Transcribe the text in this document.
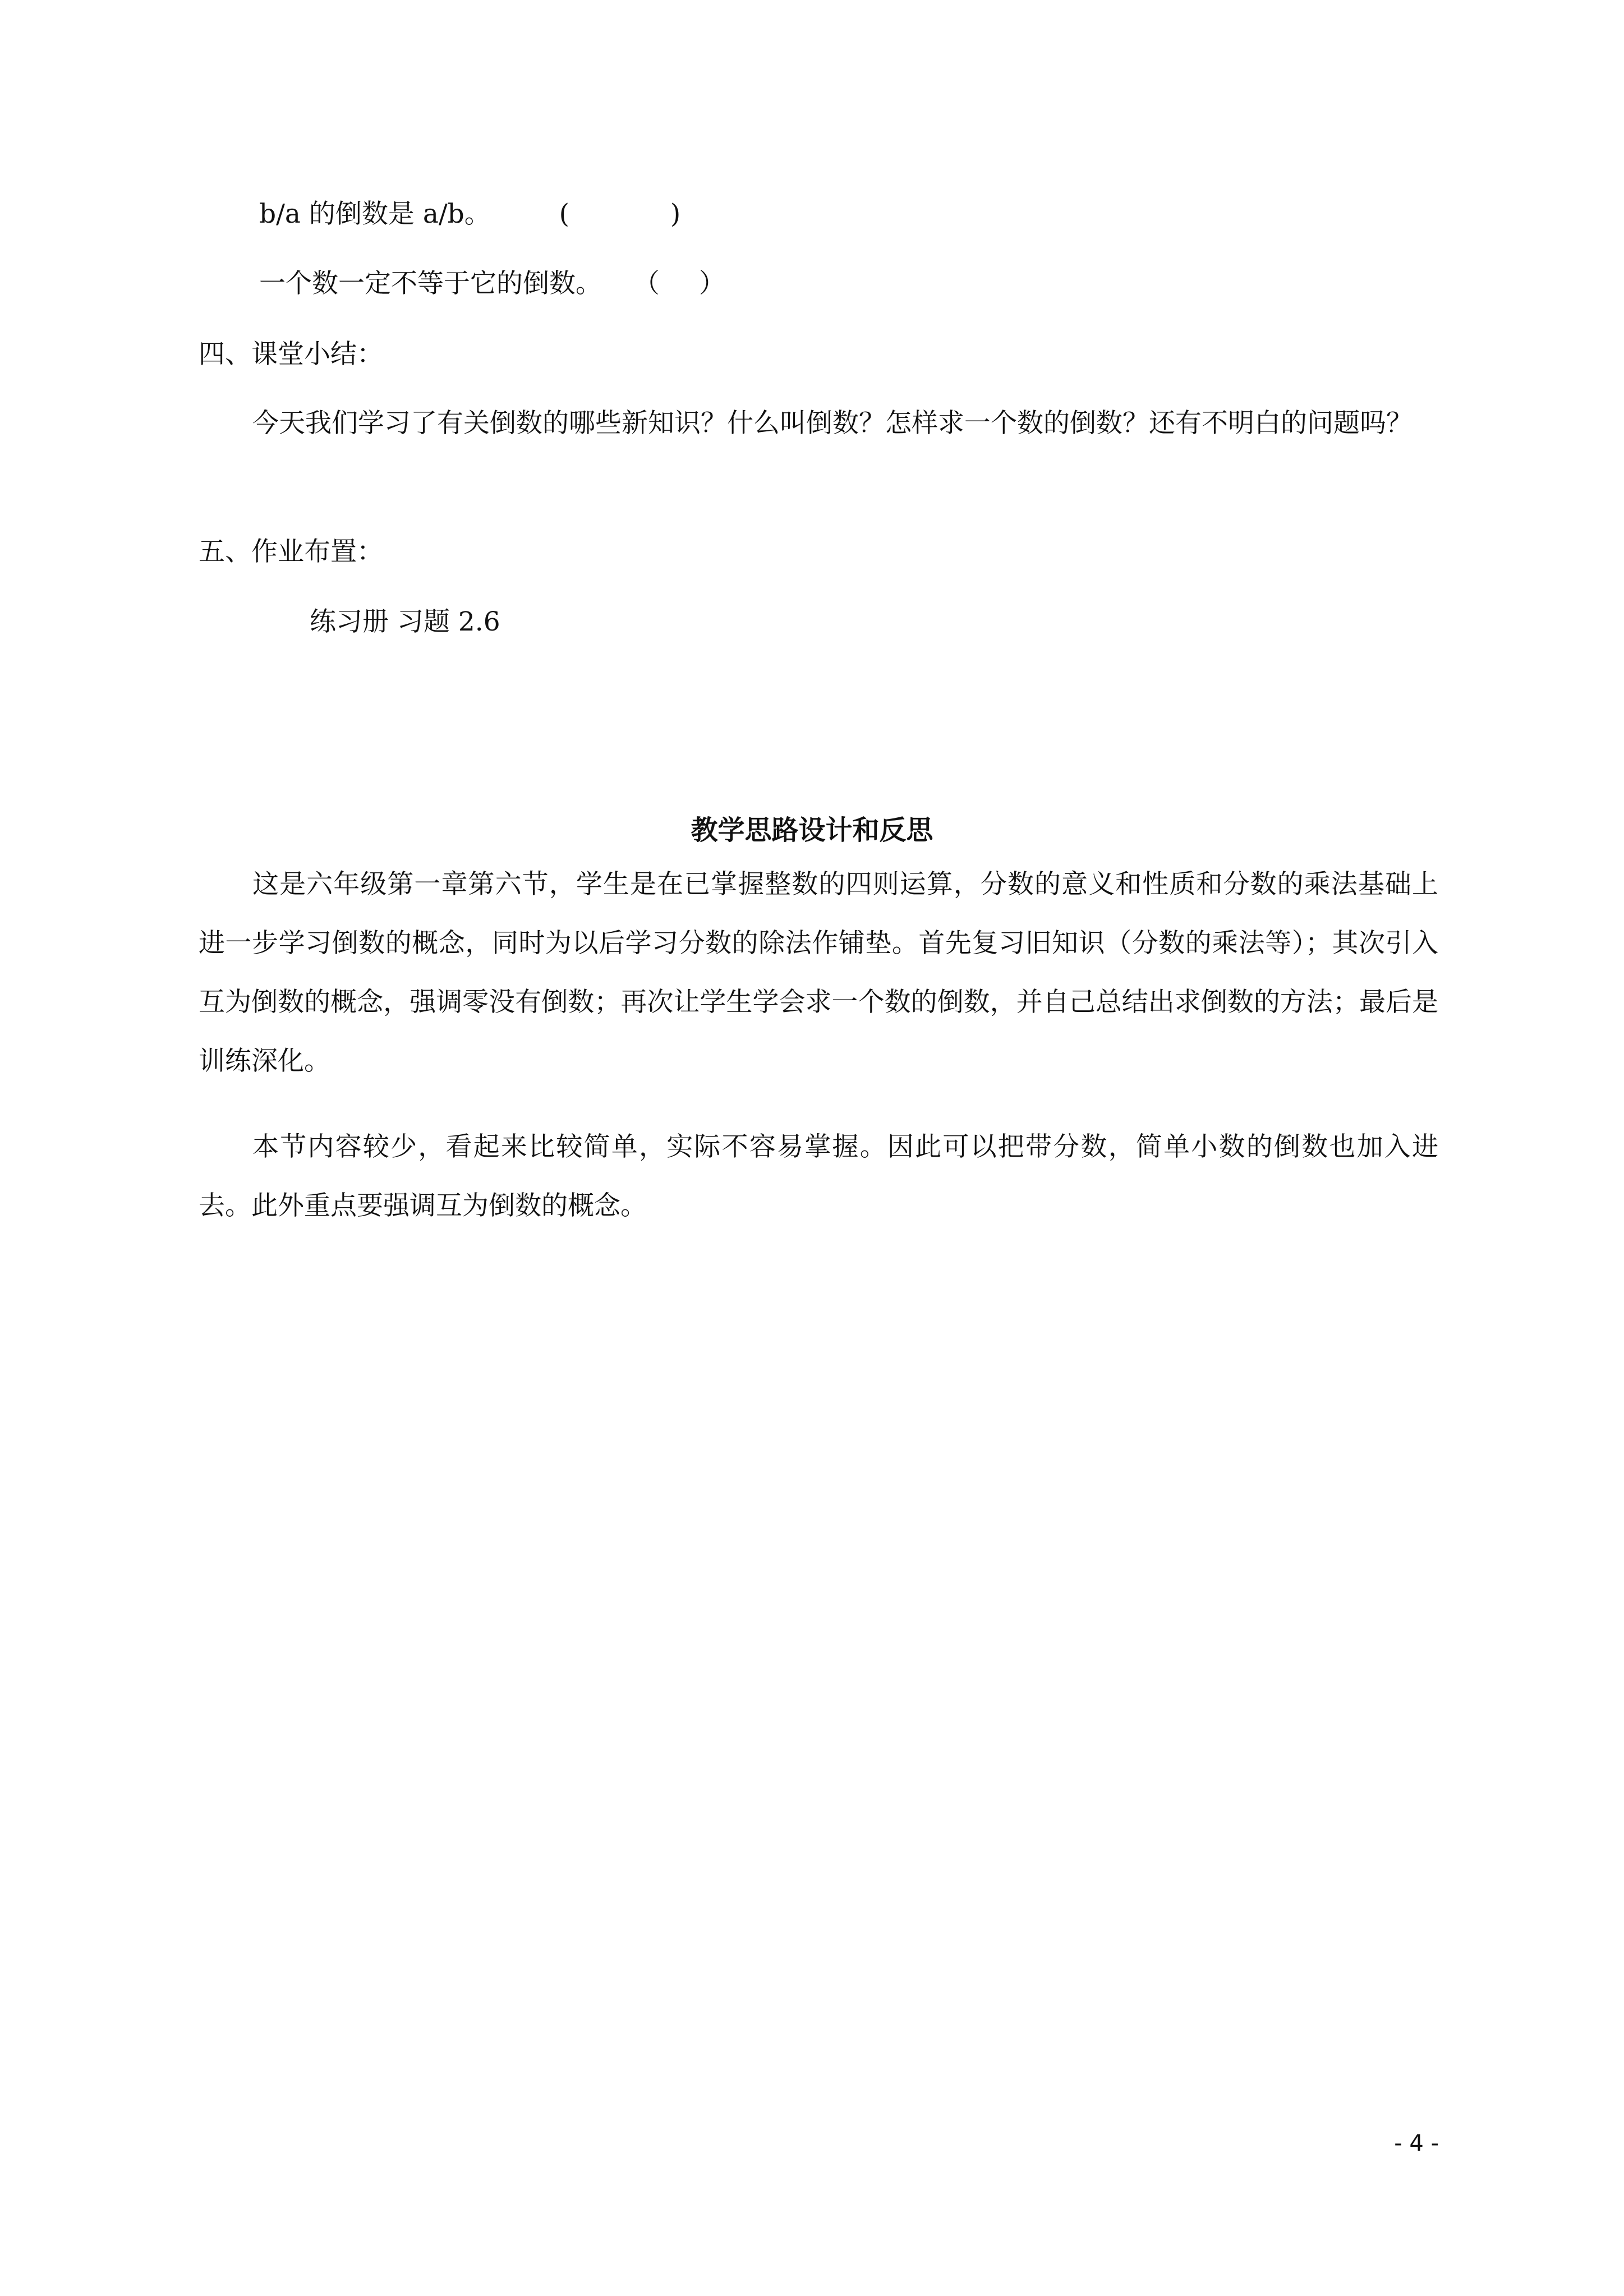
b/a 的倒数是 a/b。	(	)
一个数一定不等于它的倒数。 （ ）
四、课堂小结：
今天我们学习了有关倒数的哪些新知识？什么叫倒数？怎样求一个数的倒数？还有不明白的问题吗？
五、作业布置：
练习册 习题 2.6
教学思路设计和反思
这是六年级第一章第六节，学生是在已掌握整数的四则运算，分数的意义和性质和分数的乘法基础上进一步学习倒数的概念，同时为以后学习分数的除法作铺垫。首先复习旧知识（分数的乘法等）；其次引入互为倒数的概念，强调零没有倒数；再次让学生学会求一个数的倒数，并自己总结出求倒数的方法；最后是训练深化。
本节内容较少，看起来比较简单，实际不容易掌握。因此可以把带分数，简单小数的倒数也加入进去。此外重点要强调互为倒数的概念。
- 4 -
